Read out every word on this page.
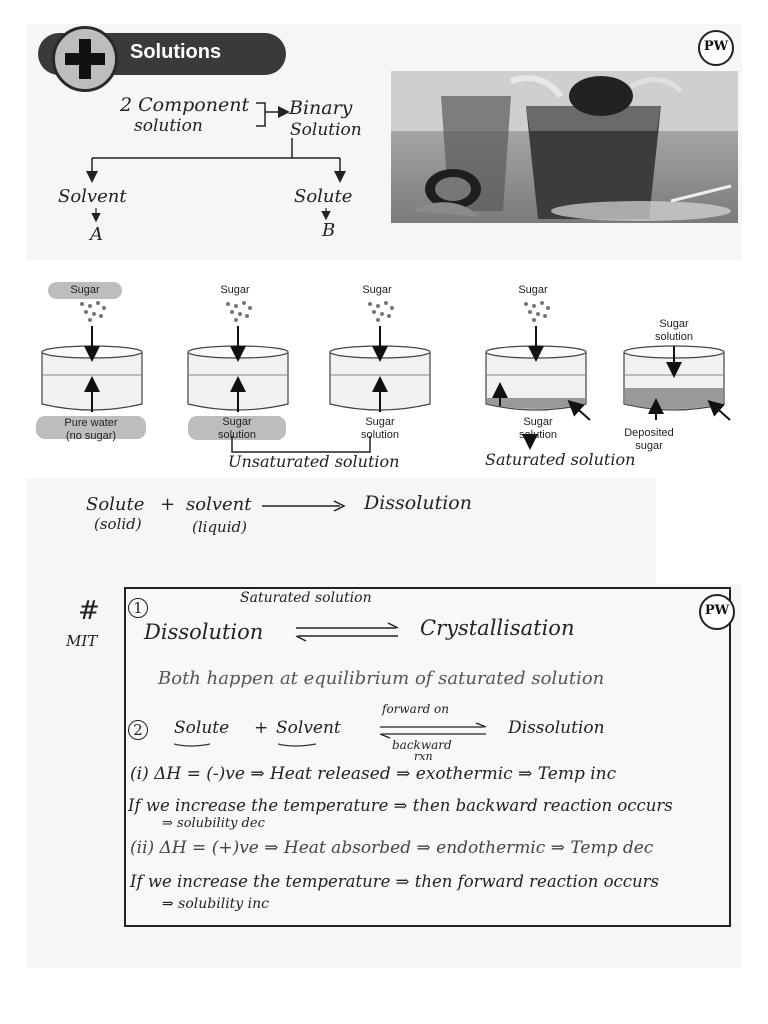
Solutions	PW
2 Component
solution
Binary
Solution
Solvent
A
Solute
B
Sugar
Pure water
(no sugar)
Sugar
Sugar
solution
Sugar
Sugar
solution
Sugar
Sugar
solution
Sugar
solution
Deposited
sugar
Unsaturated solution	Saturated solution
Solute + solvent
(solid)	(liquid)
Dissolution
#
MIT
PW
1
Saturated solution
Dissolution	Crystallisation
Both happen at equilibrium of saturated solution
2	Solute + Solvent
forward on
backward
rxn
Dissolution
(i) ΔH = (-)ve ⇒ Heat released ⇒ exothermic ⇒ Temp inc
If we increase the temperature ⇒ then backward reaction occurs
⇒ solubility dec
(ii) ΔH = (+)ve ⇒ Heat absorbed ⇒ endothermic ⇒ Temp dec
If we increase the temperature ⇒ then forward reaction occurs
⇒ solubility inc
